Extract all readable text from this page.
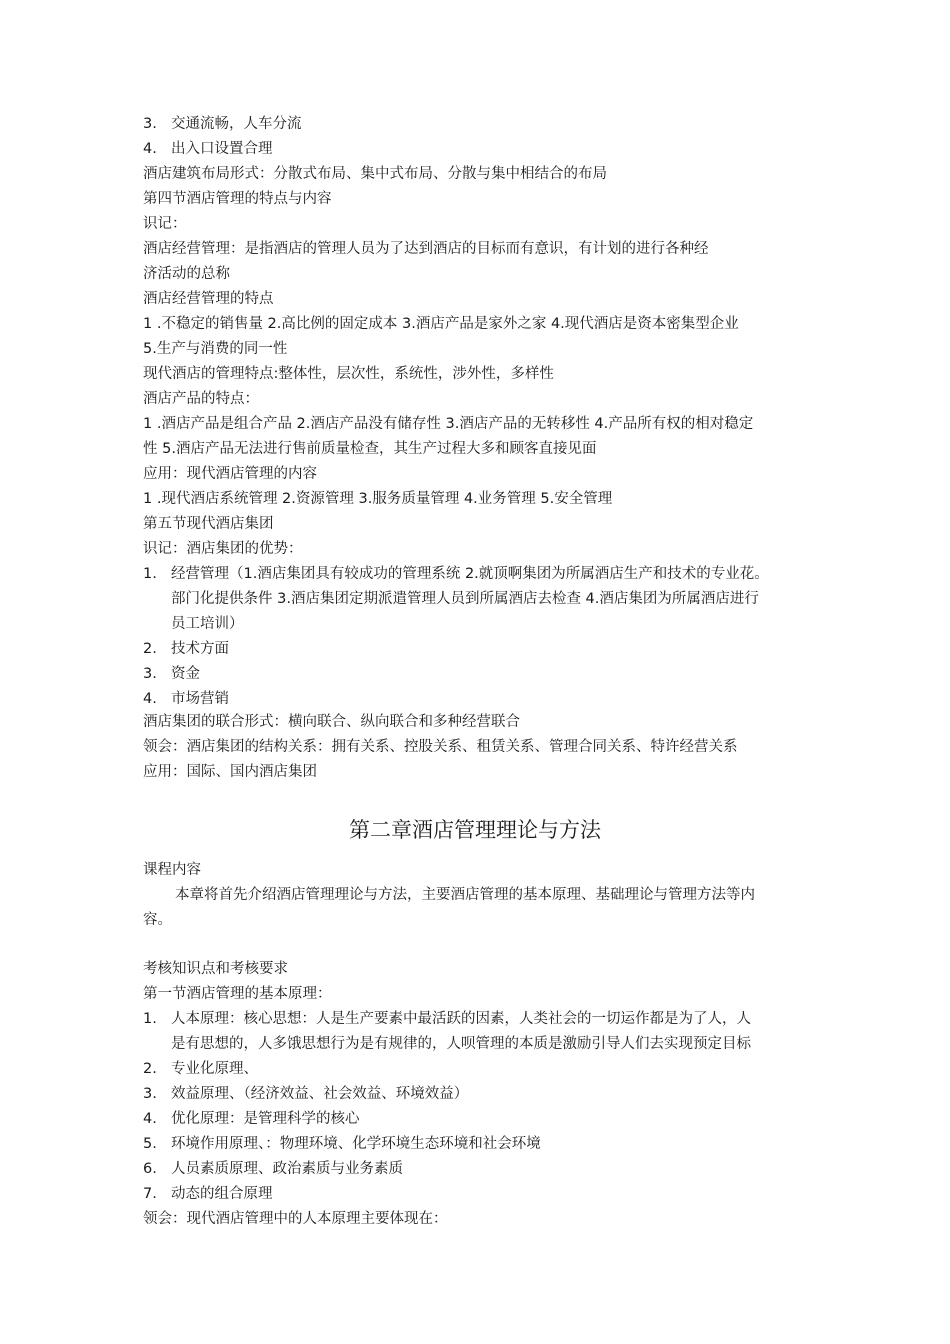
3. 交通流畅，人车分流
4. 出入口设置合理
酒店建筑布局形式：分散式布局、集中式布局、分散与集中相结合的布局
第四节酒店管理的特点与内容
识记：
酒店经营管理：是指酒店的管理人员为了达到酒店的目标而有意识，有计划的进行各种经
济活动的总称
酒店经营管理的特点
1 .不稳定的销售量 2.高比例的固定成本 3.酒店产品是家外之家 4.现代酒店是资本密集型企业
5.生产与消费的同一性
现代酒店的管理特点:整体性，层次性，系统性，涉外性，多样性
酒店产品的特点：
1 .酒店产品是组合产品 2.酒店产品没有储存性 3.酒店产品的无转移性 4.产品所有权的相对稳定
性 5.酒店产品无法进行售前质量检查，其生产过程大多和顾客直接见面
应用：现代酒店管理的内容
1 .现代酒店系统管理 2.资源管理 3.服务质量管理 4.业务管理 5.安全管理
第五节现代酒店集团
识记：酒店集团的优势：
1. 经营管理（1.酒店集团具有较成功的管理系统 2.就顶啊集团为所属酒店生产和技术的专业花。
部门化提供条件 3.酒店集团定期派遣管理人员到所属酒店去检查 4.酒店集团为所属酒店进行
员工培训）
2. 技术方面
3. 资金
4. 市场营销
酒店集团的联合形式：横向联合、纵向联合和多种经营联合
领会：酒店集团的结构关系：拥有关系、控股关系、租赁关系、管理合同关系、特许经营关系
应用：国际、国内酒店集团
第二章酒店管理理论与方法
课程内容
本章将首先介绍酒店管理理论与方法，主要酒店管理的基本原理、基础理论与管理方法等内
容。
考核知识点和考核要求
第一节酒店管理的基本原理：
1. 人本原理：核心思想：人是生产要素中最活跃的因素，人类社会的一切运作都是为了人，人
是有思想的，人多饿思想行为是有规律的，人呗管理的本质是激励引导人们去实现预定目标
2. 专业化原理、
3. 效益原理、（经济效益、社会效益、环境效益）
4. 优化原理：是管理科学的核心
5. 环境作用原理、：物理环境、化学环境生态环境和社会环境
6. 人员素质原理、政治素质与业务素质
7. 动态的组合原理
领会：现代酒店管理中的人本原理主要体现在：
